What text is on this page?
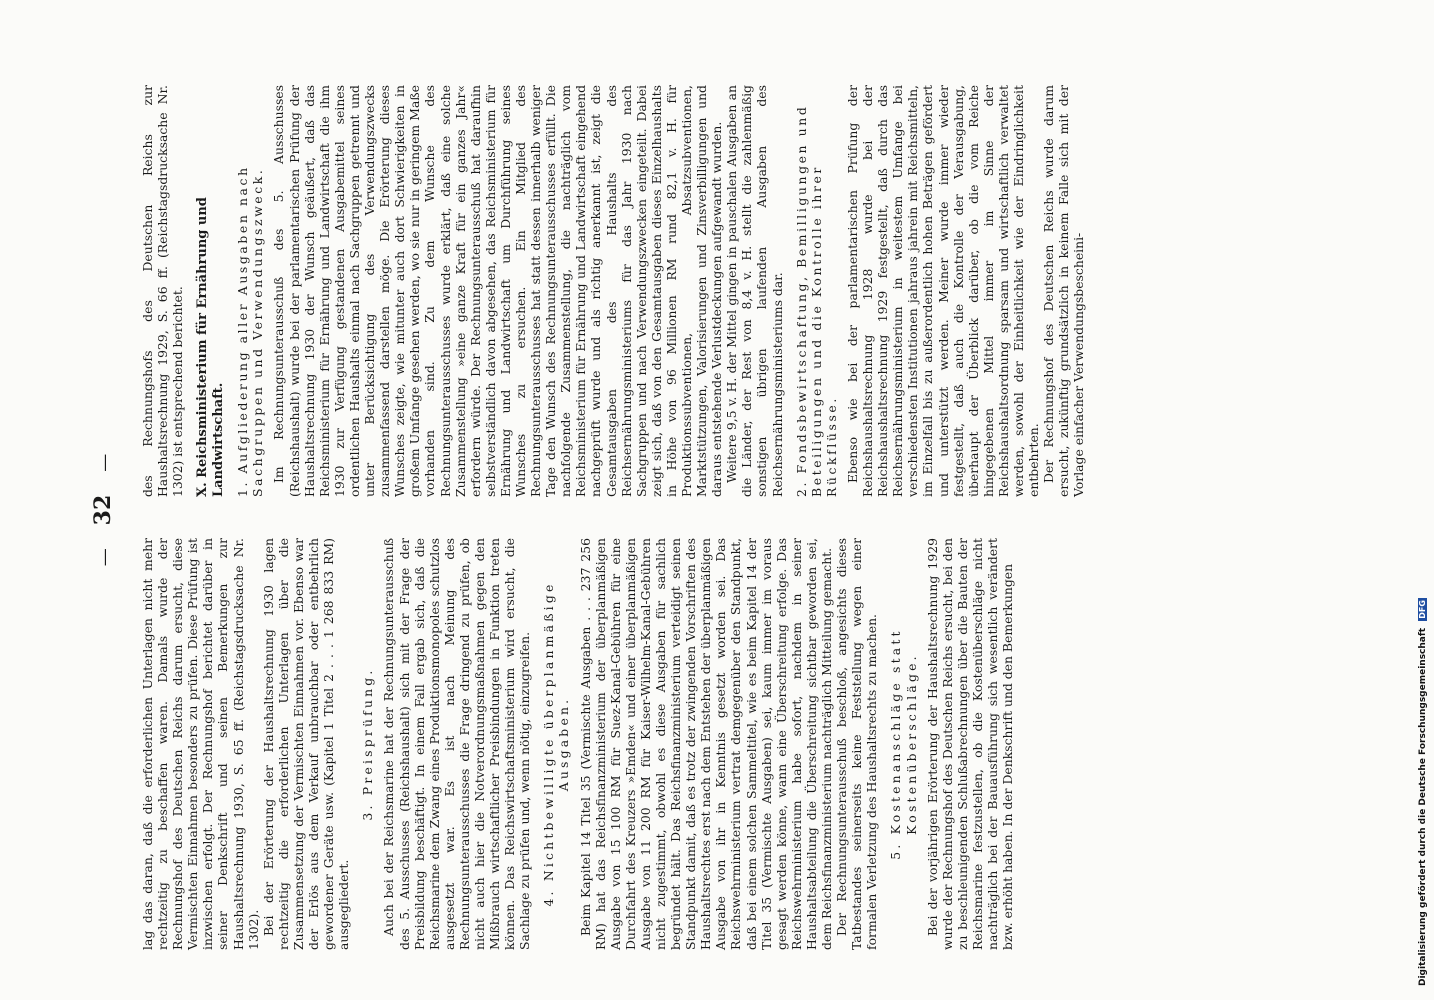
—   32   —

lag das daran, daß die erforderlichen Unterlagen nicht mehr rechtzeitig zu beschaffen waren. Damals wurde der Rechnungshof des Deutschen Reichs darum ersucht, diese Vermischten Einnahmen besonders zu prüfen. Diese Prüfung ist inzwischen erfolgt. Der Rechnungshof berichtet darüber in seiner Denkschrift und seinen Bemerkungen zur Haushaltsrechnung 1930, S. 65 ff. (Reichstagsdrucksache Nr. 1302). Bei der Erörterung der Haushaltsrechnung 1930 lagen rechtzeitig die erforderlichen Unterlagen über die Zusammensetzung der Vermischten Einnahmen vor. Ebenso war der Erlös aus dem Verkauf unbrauchbar oder entbehrlich gewordener Geräte usw. (Kapitel 1 Titel 2 . . . 1 268 833 RM) ausgegliedert.

3. Preisprüfung. Auch bei der Reichsmarine hat der Rechnungsunterausschuß des 5. Ausschusses (Reichshaushalt) sich mit der Frage der Preisbildung beschäftigt. In einem Fall ergab sich, daß die Reichsmarine dem Zwang eines Produktionsmonopoles schutzlos ausgesetzt war. Es ist nach Meinung des Rechnungsunterausschusses die Frage dringend zu prüfen, ob nicht auch hier die Notverordnungsmaßnahmen gegen den Mißbrauch wirtschaftlicher Preisbindungen in Funktion treten können. Das Reichswirtschaftsministerium wird ersucht, die Sachlage zu prüfen und, wenn nötig, einzugreifen. 4. Nichtbewilligte überplanmäßige Ausgaben. Beim Kapitel 14 Titel 35 (Vermischte Ausgaben . . . 237 256 RM) hat das Reichsfinanzministerium der überplanmäßigen Ausgabe von 15 100 RM für Suez-Kanal-Gebühren für eine Durchfahrt des Kreuzers »Emden« und einer überplanmäßigen Ausgabe von 11 200 RM für Kaiser-Wilhelm-Kanal-Gebühren nicht zugestimmt, obwohl es diese Ausgaben für sachlich begründet hält. Das Reichsfinanzministerium verteidigt seinen Standpunkt damit, daß es trotz der zwingenden Vorschriften des Haushaltsrechtes erst nach dem Entstehen der überplanmäßigen Ausgabe von ihr in Kenntnis gesetzt worden sei. Das Reichswehrministerium vertrat demgegenüber den Standpunkt, daß bei einem solchen Sammeltitel, wie es beim Kapitel 14 der Titel 35 (Vermischte Ausgaben) sei, kaum immer im voraus gesagt werden könne, wann eine Überschreitung erfolge. Das Reichswehrministerium habe sofort, nachdem in seiner Haushaltsabteilung die Überschreitung sichtbar geworden sei, dem Reichsfinanzministerium nachträglich Mitteilung gemacht. Der Rechnungsunterausschuß beschloß, angesichts dieses Tatbestandes seinerseits keine Feststellung wegen einer formalen Verletzung des Haushaltsrechts zu machen. 5. Kostenanschläge statt Kostenüberschläge. Bei der vorjährigen Erörterung der Haushaltsrechnung 1929 wurde der Rechnungshof des Deutschen Reichs ersucht, bei den zu beschleunigenden Schlußabrechnungen über die Bauten der Reichsmarine festzustellen, ob die Kostenüberschläge nicht nachträglich bei der Bauausführung sich wesentlich verändert bzw. erhöht haben. In der Denkschrift und den Bemerkungen

des Rechnungshofs des Deutschen Reichs zur Haushaltsrechnung 1929, S. 66 ff. (Reichstagsdrucksache Nr. 1302) ist entsprechend berichtet. X. Reichsministerium für Ernährung und Landwirtschaft. 1. Aufgliederung aller Ausgaben nach Sachgruppen und Verwendungszweck. Im Rechnungsunterausschuß des 5. Ausschusses (Reichshaushalt) wurde bei der parlamentarischen Prüfung der Haushaltsrechnung 1930 der Wunsch geäußert, daß das Reichsministerium für Ernährung und Landwirtschaft die ihm 1930 zur Verfügung gestandenen Ausgabemittel seines ordentlichen Haushalts einmal nach Sachgruppen getrennt und unter Berücksichtigung des Verwendungszwecks zusammenfassend darstellen möge. Die Erörterung dieses Wunsches zeigte, wie mitunter auch dort Schwierigkeiten in großem Umfange gesehen werden, wo sie nur in geringem Maße vorhanden sind. Zu dem Wunsche des Rechnungsunterausschusses wurde erklärt, daß eine solche Zusammenstellung »eine ganze Kraft für ein ganzes Jahr« erfordern würde. Der Rechnungsunterausschuß hat daraufhin selbstverständlich davon abgesehen, das Reichsministerium für Ernährung und Landwirtschaft um Durchführung seines Wunsches zu ersuchen. Ein Mitglied des Rechnungsunterausschusses hat statt dessen innerhalb weniger Tage den Wunsch des Rechnungsunterausschusses erfüllt. Die nachfolgende Zusammenstellung, die nachträglich vom Reichsministerium für Ernährung und Landwirtschaft eingehend nachgeprüft wurde und als richtig anerkannt ist, zeigt die Gesamtausgaben des Haushalts des Reichsernährungsministeriums für das Jahr 1930 nach Sachgruppen und nach Verwendungszwecken eingeteilt. Dabei zeigt sich, daß von den Gesamtausgaben dieses Einzelhaushalts in Höhe von 96 Millionen RM rund 82,1 v. H. für Produktionssubventionen, Absatzsubventionen, Marktstützungen, Valorisierungen und Zinsverbilligungen und daraus entstehende Verlustdeckungen aufgewandt wurden. Weitere 9,5 v. H. der Mittel gingen in pauschalen Ausgaben an die Länder, der Rest von 8,4 v. H. stellt die zahlenmäßig sonstigen übrigen laufenden Ausgaben des Reichsernährungsministeriums dar. 2. Fondsbewirtschaftung, Bemilligungen und Beteiligungen und die Kontrolle ihrer Rückflüsse. Ebenso wie bei der parlamentarischen Prüfung der Reichshaushaltsrechnung 1928 wurde bei der Reichshaushaltsrechnung 1929 festgestellt, daß durch das Reichsernährungsministerium in weitestem Umfange bei verschiedensten Institutionen jahraus jahrein mit Reichsmitteln, im Einzelfall bis zu außerordentlich hohen Beträgen gefördert und unterstützt werden. Meiner wurde immer wieder festgestellt, daß auch die Kontrolle der Verausgabung, überhaupt der Überblick darüber, ob die vom Reiche hingegebenen Mittel immer im Sinne der Reichshaushaltsordnung sparsam und wirtschaftlich verwaltet werden, sowohl der Einheitlichkeit wie der Eindringlichkeit entbehrten. Der Rechnungshof des Deutschen Reichs wurde darum ersucht, zukünftig grundsätzlich in keinem Falle sich mit der Vorlage einfacher Verwendungsbescheini-

Digitalisierung gefördert durch die Deutsche Forschungsgemeinschaft DFG
